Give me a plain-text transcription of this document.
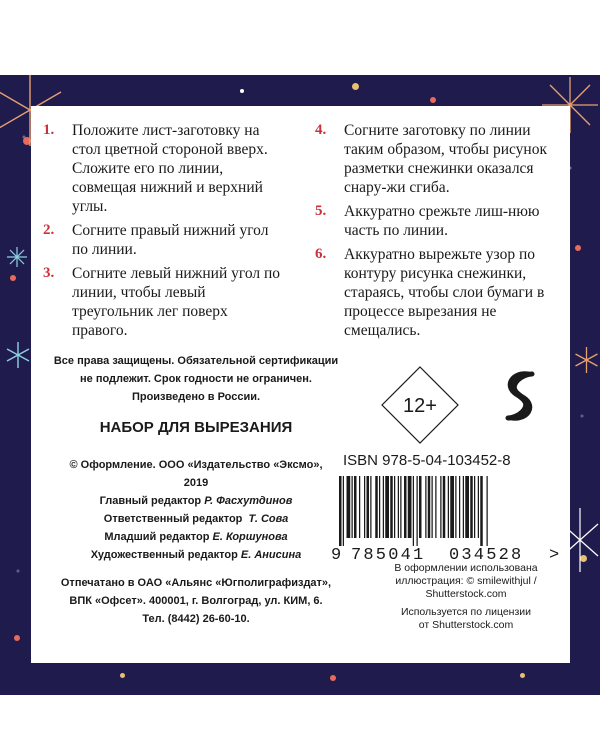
1.	Положите лист-заготовку на стол цветной стороной вверх. Сложите его по линии, совмещая нижний и верхний углы.
2.	Согните правый нижний угол по линии.
3.	Согните левый нижний угол по линии, чтобы левый треугольник лег поверх правого.
4.	Согните заготовку по линии таким образом, чтобы рисунок разметки снежинки оказался снару-жи сгиба.
5.	Аккуратно срежьте лиш-нюю часть по линии.
6.	Аккуратно вырежьте узор по контуру рисунка снежинки, стараясь, чтобы слои бумаги в процессе вырезания не смещались.
Все права защищены. Обязательной сертификации
не подлежит. Срок годности не ограничен.
Произведено в России.
НАБОР ДЛЯ ВЫРЕЗАНИЯ
© Оформление. ООО «Издательство «Эксмо»,
2019
Главный редактор Р. Фасхутдинов
Ответственный редактор Т. Сова
Младший редактор Е. Коршунова
Художественный редактор Е. Анисина
Отпечатано в ОАО «Альянс «Югполиграфиздат»,
ВПК «Офсет». 400001, г. Волгоград, ул. КИМ, 6.
Тел. (8442) 26-60-10.
12+
ISBN 978-5-04-103452-8
9 785041 034528 >
В оформлении использована
иллюстрация: © smilewithjul /
Shutterstock.com
Используется по лицензии
от Shutterstock.com
